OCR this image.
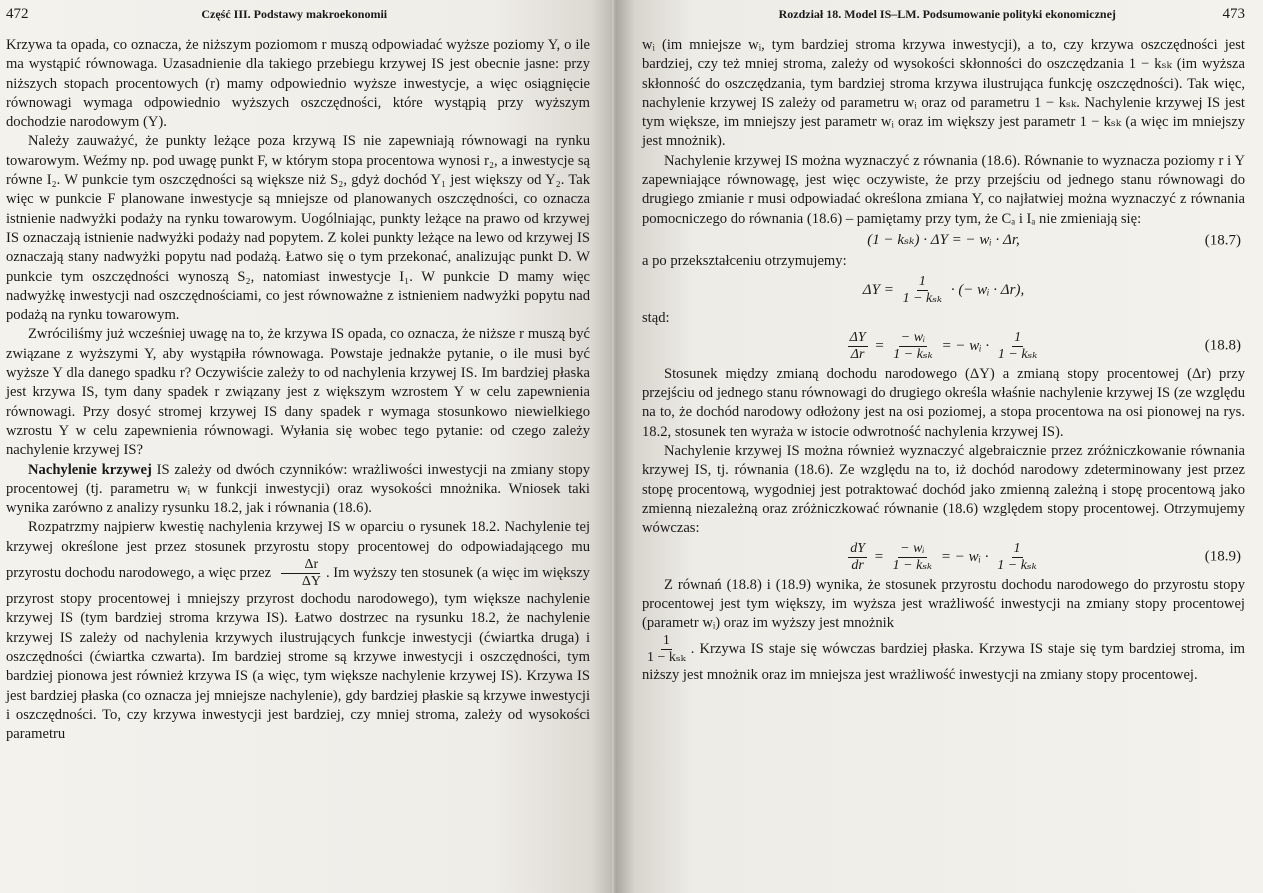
472	Część III. Podstawy makroekonomii

Krzywa ta opada, co oznacza, że niższym poziomom r muszą odpowiadać wyższe poziomy Y, o ile ma wystąpić równowaga. Uzasadnienie dla takiego przebiegu krzywej IS jest obecnie jasne: przy niższych stopach procentowych (r) mamy odpowiednio wyższe inwestycje, a więc osiągnięcie równowagi wymaga odpowiednio wyższych oszczędności, które wystąpią przy wyższym dochodzie narodowym (Y).

Należy zauważyć, że punkty leżące poza krzywą IS nie zapewniają równowagi na rynku towarowym. Weźmy np. pod uwagę punkt F, w którym stopa procentowa wynosi r₂, a inwestycje są równe I₂. W punkcie tym oszczędności są większe niż S₂, gdyż dochód Y₁ jest większy od Y₂. Tak więc w punkcie F planowane inwestycje są mniejsze od planowanych oszczędności, co oznacza istnienie nadwyżki podaży na rynku towarowym. Uogólniając, punkty leżące na prawo od krzywej IS oznaczają istnienie nadwyżki podaży nad popytem. Z kolei punkty leżące na lewo od krzywej IS oznaczają stany nadwyżki popytu nad podażą. Łatwo się o tym przekonać, analizując punkt D. W punkcie tym oszczędności wynoszą S₂, natomiast inwestycje I₁. W punkcie D mamy więc nadwyżkę inwestycji nad oszczędnościami, co jest równoważne z istnieniem nadwyżki popytu nad podażą na rynku towarowym.

Zwróciliśmy już wcześniej uwagę na to, że krzywa IS opada, co oznacza, że niższe r muszą być związane z wyższymi Y, aby wystąpiła równowaga. Powstaje jednakże pytanie, o ile musi być wyższe Y dla danego spadku r? Oczywiście zależy to od nachylenia krzywej IS. Im bardziej płaska jest krzywa IS, tym dany spadek r związany jest z większym wzrostem Y w celu zapewnienia równowagi. Przy dosyć stromej krzywej IS dany spadek r wymaga stosunkowo niewielkiego wzrostu Y w celu zapewnienia równowagi. Wyłania się wobec tego pytanie: od czego zależy nachylenie krzywej IS?

Nachylenie krzywej IS zależy od dwóch czynników: wrażliwości inwestycji na zmiany stopy procentowej (tj. parametru wᵢ w funkcji inwestycji) oraz wysokości mnożnika. Wniosek taki wynika zarówno z analizy rysunku 18.2, jak i równania (18.6).

Rozpatrzmy najpierw kwestię nachylenia krzywej IS w oparciu o rysunek 18.2. Nachylenie tej krzywej określone jest przez stosunek przyrostu stopy procentowej do odpowiadającego mu przyrostu dochodu narodowego, a więc przez $\frac{\Delta r}{\Delta Y}$ . Im wyższy ten stosunek (a więc im większy przyrost stopy procentowej i mniejszy przyrost dochodu narodowego), tym większe nachylenie krzywej IS (tym bardziej stroma krzywa IS). Łatwo dostrzec na rysunku 18.2, że nachylenie krzywej IS zależy od nachylenia krzywych ilustrujących funkcje inwestycji (ćwiartka druga) i oszczędności (ćwiartka czwarta). Im bardziej strome są krzywe inwestycji i oszczędności, tym bardziej pionowa jest również krzywa IS (a więc, tym większe nachylenie krzywej IS). Krzywa IS jest bardziej płaska (co oznacza jej mniejsze nachylenie), gdy bardziej płaskie są krzywe inwestycji i oszczędności. To, czy krzywa inwestycji jest bardziej, czy mniej stroma, zależy od wysokości parametru

Rozdział 18. Model IS–LM. Podsumowanie polityki ekonomicznej	473

wᵢ (im mniejsze wᵢ, tym bardziej stroma krzywa inwestycji), a to, czy krzywa oszczędności jest bardziej, czy też mniej stroma, zależy od wysokości skłonności do oszczędzania 1 − kₛₖ (im wyższa skłonność do oszczędzania, tym bardziej stroma krzywa ilustrująca funkcję oszczędności). Tak więc, nachylenie krzywej IS zależy od parametru wᵢ oraz od parametru 1 − kₛₖ. Nachylenie krzywej IS jest tym większe, im mniejszy jest parametr wᵢ oraz im większy jest parametr 1 − kₛₖ (a więc im mniejszy jest mnożnik).

Nachylenie krzywej IS można wyznaczyć z równania (18.6). Równanie to wyznacza poziomy r i Y zapewniające równowagę, jest więc oczywiste, że przy przejściu od jednego stanu równowagi do drugiego zmianie r musi odpowiadać określona zmiana Y, co najłatwiej można wyznaczyć z równania pomocniczego do równania (18.6) – pamiętamy przy tym, że Cₐ i Iₐ nie zmieniają się:

(1 − kₛₖ) · ΔY = − wᵢ · Δr,	(18.7)

a po przekształceniu otrzymujemy:

$\Delta Y = \frac{1}{\text{1 − kₛₖ}}$ · (− wᵢ · Δr),

stąd:

$\frac{\Delta Y}{\Delta r} = \frac{\text{− wᵢ}}{\text{1 − kₛₖ}}$ = − wᵢ · $\frac{1}{\text{1 − kₛₖ}}$	(18.8)

Stosunek między zmianą dochodu narodowego (ΔY) a zmianą stopy procentowej (Δr) przy przejściu od jednego stanu równowagi do drugiego określa właśnie nachylenie krzywej IS (ze względu na to, że dochód narodowy odłożony jest na osi poziomej, a stopa procentowa na osi pionowej na rys. 18.2, stosunek ten wyraża w istocie odwrotność nachylenia krzywej IS).

Nachylenie krzywej IS można również wyznaczyć algebraicznie przez zróżniczkowanie równania krzywej IS, tj. równania (18.6). Ze względu na to, iż dochód narodowy zdeterminowany jest przez stopę procentową, wygodniej jest potraktować dochód jako zmienną zależną i stopę procentową jako zmienną niezależną oraz zróżniczkować równanie (18.6) względem stopy procentowej. Otrzymujemy wówczas:

$\frac{dY}{dr} = \frac{\text{− wᵢ}}{\text{1 − kₛₖ}}$ = − wᵢ · $\frac{1}{\text{1 − kₛₖ}}$	(18.9)

Z równań (18.8) i (18.9) wynika, że stosunek przyrostu dochodu narodowego do przyrostu stopy procentowej jest tym większy, im wyższa jest wrażliwość inwestycji na zmiany stopy procentowej (parametr wᵢ) oraz im wyższy jest mnożnik

$\frac{1}{\text{1 − kₛₖ}}$ . Krzywa IS staje się wówczas bardziej płaska. Krzywa IS staje się tym bardziej stroma, im niższy jest mnożnik oraz im mniejsza jest wrażliwość inwestycji na zmiany stopy procentowej.
